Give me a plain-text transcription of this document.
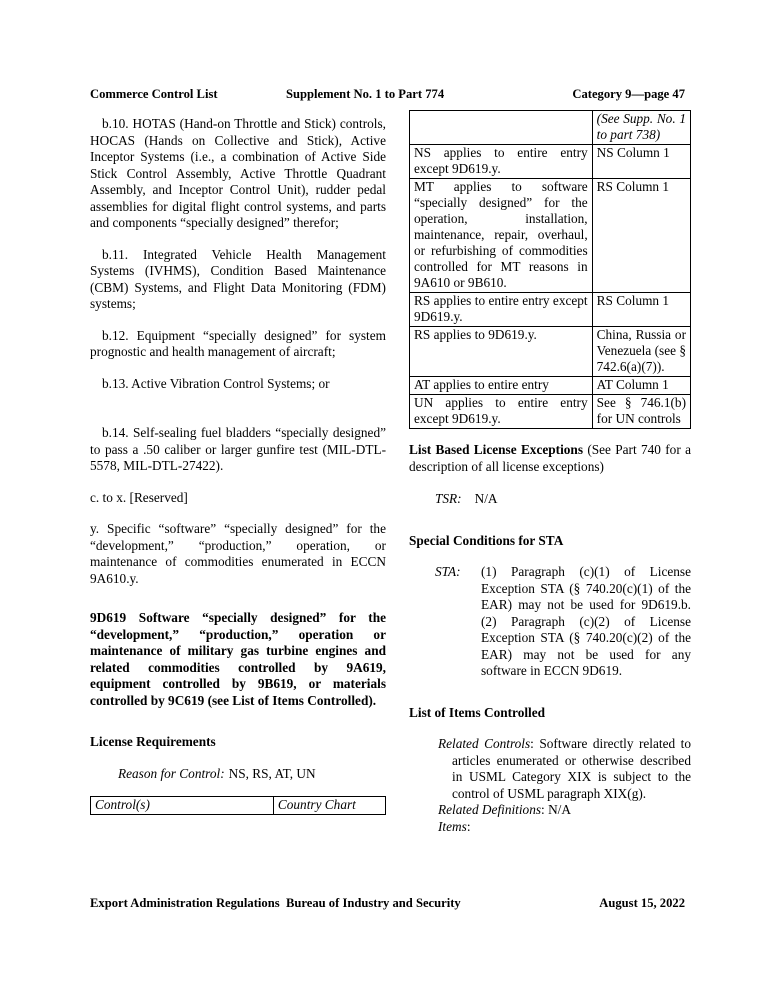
Commerce Control List	Supplement No. 1 to Part 774	Category 9—page 47

b.10. HOTAS (Hand-on Throttle and Stick) controls, HOCAS (Hands on Collective and Stick), Active Inceptor Systems (i.e., a combination of Active Side Stick Control Assembly, Active Throttle Quadrant Assembly, and Inceptor Control Unit), rudder pedal assemblies for digital flight control systems, and parts and components “specially designed” therefor;

b.11. Integrated Vehicle Health Management Systems (IVHMS), Condition Based Maintenance (CBM) Systems, and Flight Data Monitoring (FDM) systems;

b.12. Equipment “specially designed” for system prognostic and health management of aircraft;

b.13. Active Vibration Control Systems; or

b.14. Self-sealing fuel bladders “specially designed” to pass a .50 caliber or larger gunfire test (MIL-DTL-5578, MIL-DTL-27422).

c. to x. [Reserved]

y. Specific “software” “specially designed” for the “development,” “production,” operation, or maintenance of commodities enumerated in ECCN 9A610.y.

9D619 Software “specially designed” for the “development,” “production,” operation or maintenance of military gas turbine engines and related commodities controlled by 9A619, equipment controlled by 9B619, or materials controlled by 9C619 (see List of Items Controlled).

License Requirements

Reason for Control: NS, RS, AT, UN

Control(s)	Country Chart
	(See Supp. No. 1 to part 738)
NS applies to entire entry except 9D619.y.	NS Column 1
MT applies to software “specially designed” for the operation, installation, maintenance, repair, overhaul, or refurbishing of commodities controlled for MT reasons in 9A610 or 9B610.	RS Column 1
RS applies to entire entry except 9D619.y.	RS Column 1
RS applies to 9D619.y.	China, Russia or Venezuela (see § 742.6(a)(7)).
AT applies to entire entry	AT Column 1
UN applies to entire entry except 9D619.y.	See § 746.1(b) for UN controls

List Based License Exceptions (See Part 740 for a description of all license exceptions)

TSR: N/A

Special Conditions for STA

STA: (1) Paragraph (c)(1) of License Exception STA (§ 740.20(c)(1) of the EAR) may not be used for 9D619.b. (2) Paragraph (c)(2) of License Exception STA (§ 740.20(c)(2) of the EAR) may not be used for any software in ECCN 9D619.

List of Items Controlled

Related Controls: Software directly related to articles enumerated or otherwise described in USML Category XIX is subject to the control of USML paragraph XIX(g).

Related Definitions: N/A

Items:

Export Administration Regulations Bureau of Industry and Security	August 15, 2022
